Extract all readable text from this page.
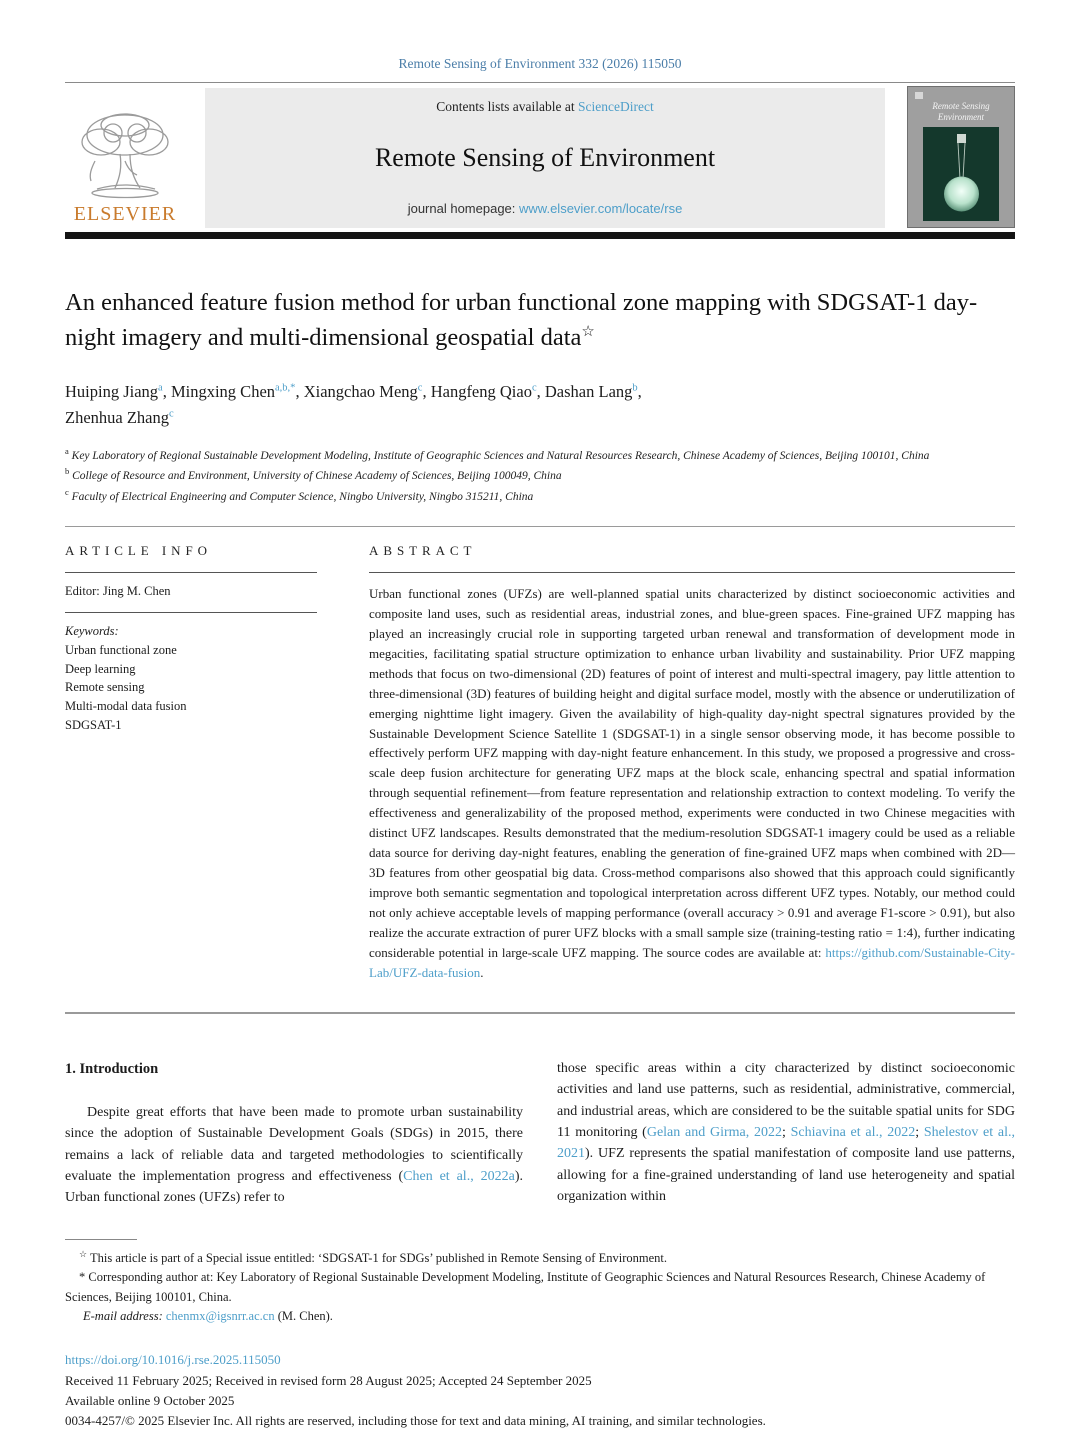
Remote Sensing of Environment 332 (2026) 115050
ELSEVIER
Contents lists available at ScienceDirect
Remote Sensing of Environment
journal homepage: www.elsevier.com/locate/rse
Remote Sensing
Environment
An enhanced feature fusion method for urban functional zone mapping with SDGSAT-1 day-night imagery and multi-dimensional geospatial data☆
Huiping Jiang$^a$, Mingxing Chen$^{a,b,*}$, Xiangchao Meng$^c$, Hangfeng Qiao$^c$, Dashan Lang$^b$,
Zhenhua Zhang$^c$
$^a$ Key Laboratory of Regional Sustainable Development Modeling, Institute of Geographic Sciences and Natural Resources Research, Chinese Academy of Sciences, Beijing 100101, China
$^b$ College of Resource and Environment, University of Chinese Academy of Sciences, Beijing 100049, China
$^c$ Faculty of Electrical Engineering and Computer Science, Ningbo University, Ningbo 315211, China
ARTICLE INFO
Editor: Jing M. Chen
Keywords:
Urban functional zone
Deep learning
Remote sensing
Multi-modal data fusion
SDGSAT-1
ABSTRACT

Urban functional zones (UFZs) are well-planned spatial units characterized by distinct socioeconomic activities and composite land uses, such as residential areas, industrial zones, and blue-green spaces. Fine-grained UFZ mapping has played an increasingly crucial role in supporting targeted urban renewal and transformation of development mode in megacities, facilitating spatial structure optimization to enhance urban livability and sustainability. Prior UFZ mapping methods that focus on two-dimensional (2D) features of point of interest and multi-spectral imagery, pay little attention to three-dimensional (3D) features of building height and digital surface model, mostly with the absence or underutilization of emerging nighttime light imagery. Given the availability of high-quality day-night spectral signatures provided by the Sustainable Development Science Satellite 1 (SDGSAT-1) in a single sensor observing mode, it has become possible to effectively perform UFZ mapping with day-night feature enhancement. In this study, we proposed a progressive and cross-scale deep fusion architecture for generating UFZ maps at the block scale, enhancing spectral and spatial information through sequential refinement—from feature representation and relationship extraction to context modeling. To verify the effectiveness and generalizability of the proposed method, experiments were conducted in two Chinese megacities with distinct UFZ landscapes. Results demonstrated that the medium-resolution SDGSAT-1 imagery could be used as a reliable data source for deriving day-night features, enabling the generation of fine-grained UFZ maps when combined with 2D—3D features from other geospatial big data. Cross-method comparisons also showed that this approach could significantly improve both semantic segmentation and topological interpretation across different UFZ types. Notably, our method could not only achieve acceptable levels of mapping performance (overall accuracy > 0.91 and average F1-score > 0.91), but also realize the accurate extraction of purer UFZ blocks with a small sample size (training-testing ratio = 1:4), further indicating considerable potential in large-scale UFZ mapping. The source codes are available at: https://github.com/Sustainable-City-Lab/UFZ-data-fusion.

1. Introduction

Despite great efforts that have been made to promote urban sustainability since the adoption of Sustainable Development Goals (SDGs) in 2015, there remains a lack of reliable data and targeted methodologies to scientifically evaluate the implementation progress and effectiveness (Chen et al., 2022a). Urban functional zones (UFZs) refer to

those specific areas within a city characterized by distinct socioeconomic activities and land use patterns, such as residential, administrative, commercial, and industrial areas, which are considered to be the suitable spatial units for SDG 11 monitoring (Gelan and Girma, 2022; Schiavina et al., 2022; Shelestov et al., 2021). UFZ represents the spatial manifestation of composite land use patterns, allowing for a fine-grained understanding of land use heterogeneity and spatial organization within

☆ This article is part of a Special issue entitled: ‘SDGSAT-1 for SDGs’ published in Remote Sensing of Environment.

* Corresponding author at: Key Laboratory of Regional Sustainable Development Modeling, Institute of Geographic Sciences and Natural Resources Research, Chinese Academy of Sciences, Beijing 100101, China.

E-mail address: chenmx@igsnrr.ac.cn (M. Chen).

https://doi.org/10.1016/j.rse.2025.115050
Received 11 February 2025; Received in revised form 28 August 2025; Accepted 24 September 2025
Available online 9 October 2025
0034-4257/© 2025 Elsevier Inc. All rights are reserved, including those for text and data mining, AI training, and similar technologies.
